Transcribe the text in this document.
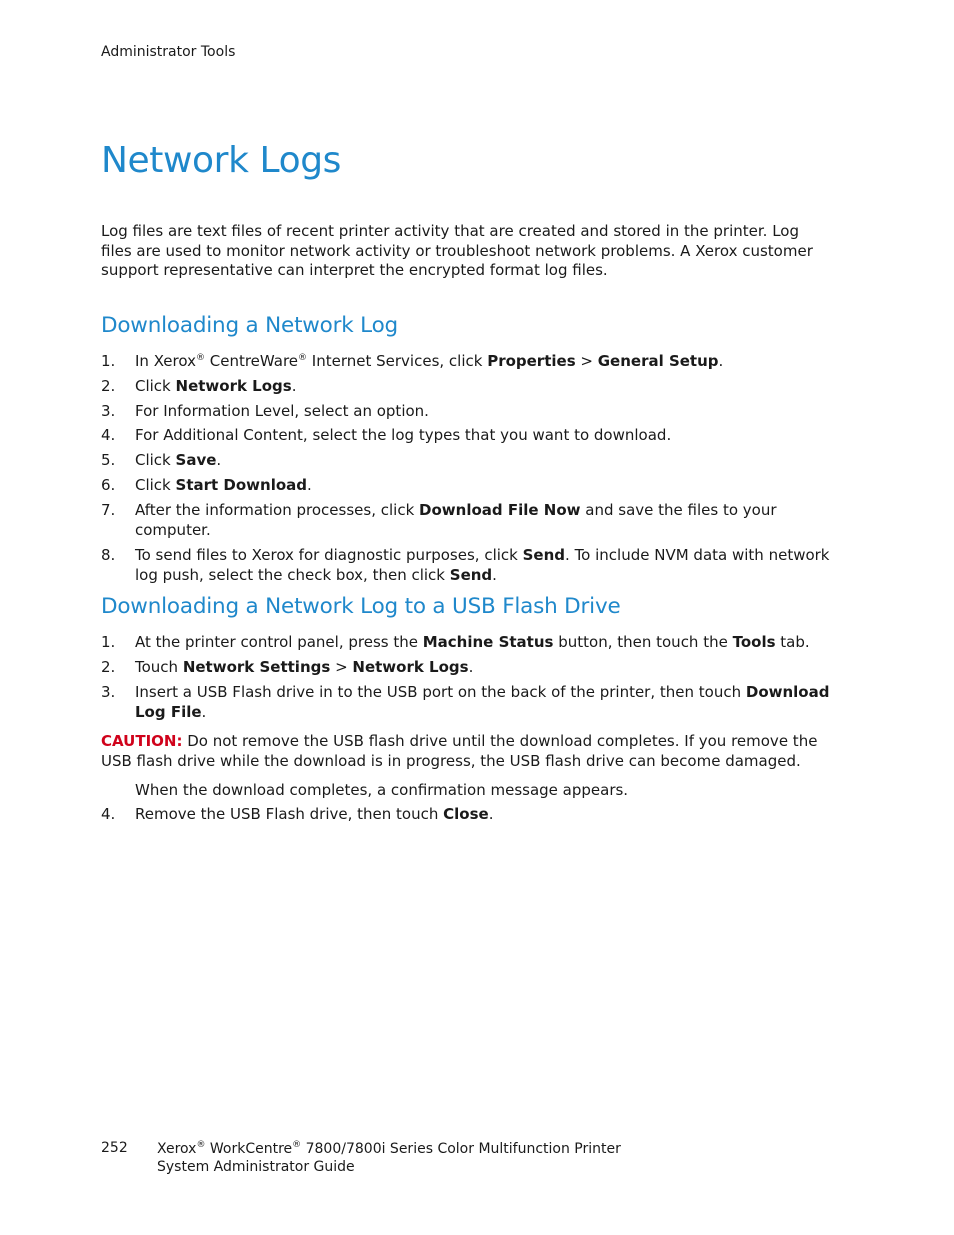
Administrator Tools
Network Logs

Log files are text files of recent printer activity that are created and stored in the printer. Log files are used to monitor network activity or troubleshoot network problems. A Xerox customer support representative can interpret the encrypted format log files.

Downloading a Network Log
1. In Xerox® CentreWare® Internet Services, click Properties > General Setup.
2. Click Network Logs.
3. For Information Level, select an option.
4. For Additional Content, select the log types that you want to download.
5. Click Save.
6. Click Start Download.
7. After the information processes, click Download File Now and save the files to your computer.
8. To send files to Xerox for diagnostic purposes, click Send. To include NVM data with network log push, select the check box, then click Send.
Downloading a Network Log to a USB Flash Drive
1. At the printer control panel, press the Machine Status button, then touch the Tools tab.
2. Touch Network Settings > Network Logs.
3. Insert a USB Flash drive in to the USB port on the back of the printer, then touch Download Log File.

CAUTION: Do not remove the USB flash drive until the download completes. If you remove the USB flash drive while the download is in progress, the USB flash drive can become damaged.

When the download completes, a confirmation message appears.

4. Remove the USB Flash drive, then touch Close.
252 Xerox® WorkCentre® 7800/7800i Series Color Multifunction Printer
System Administrator Guide
